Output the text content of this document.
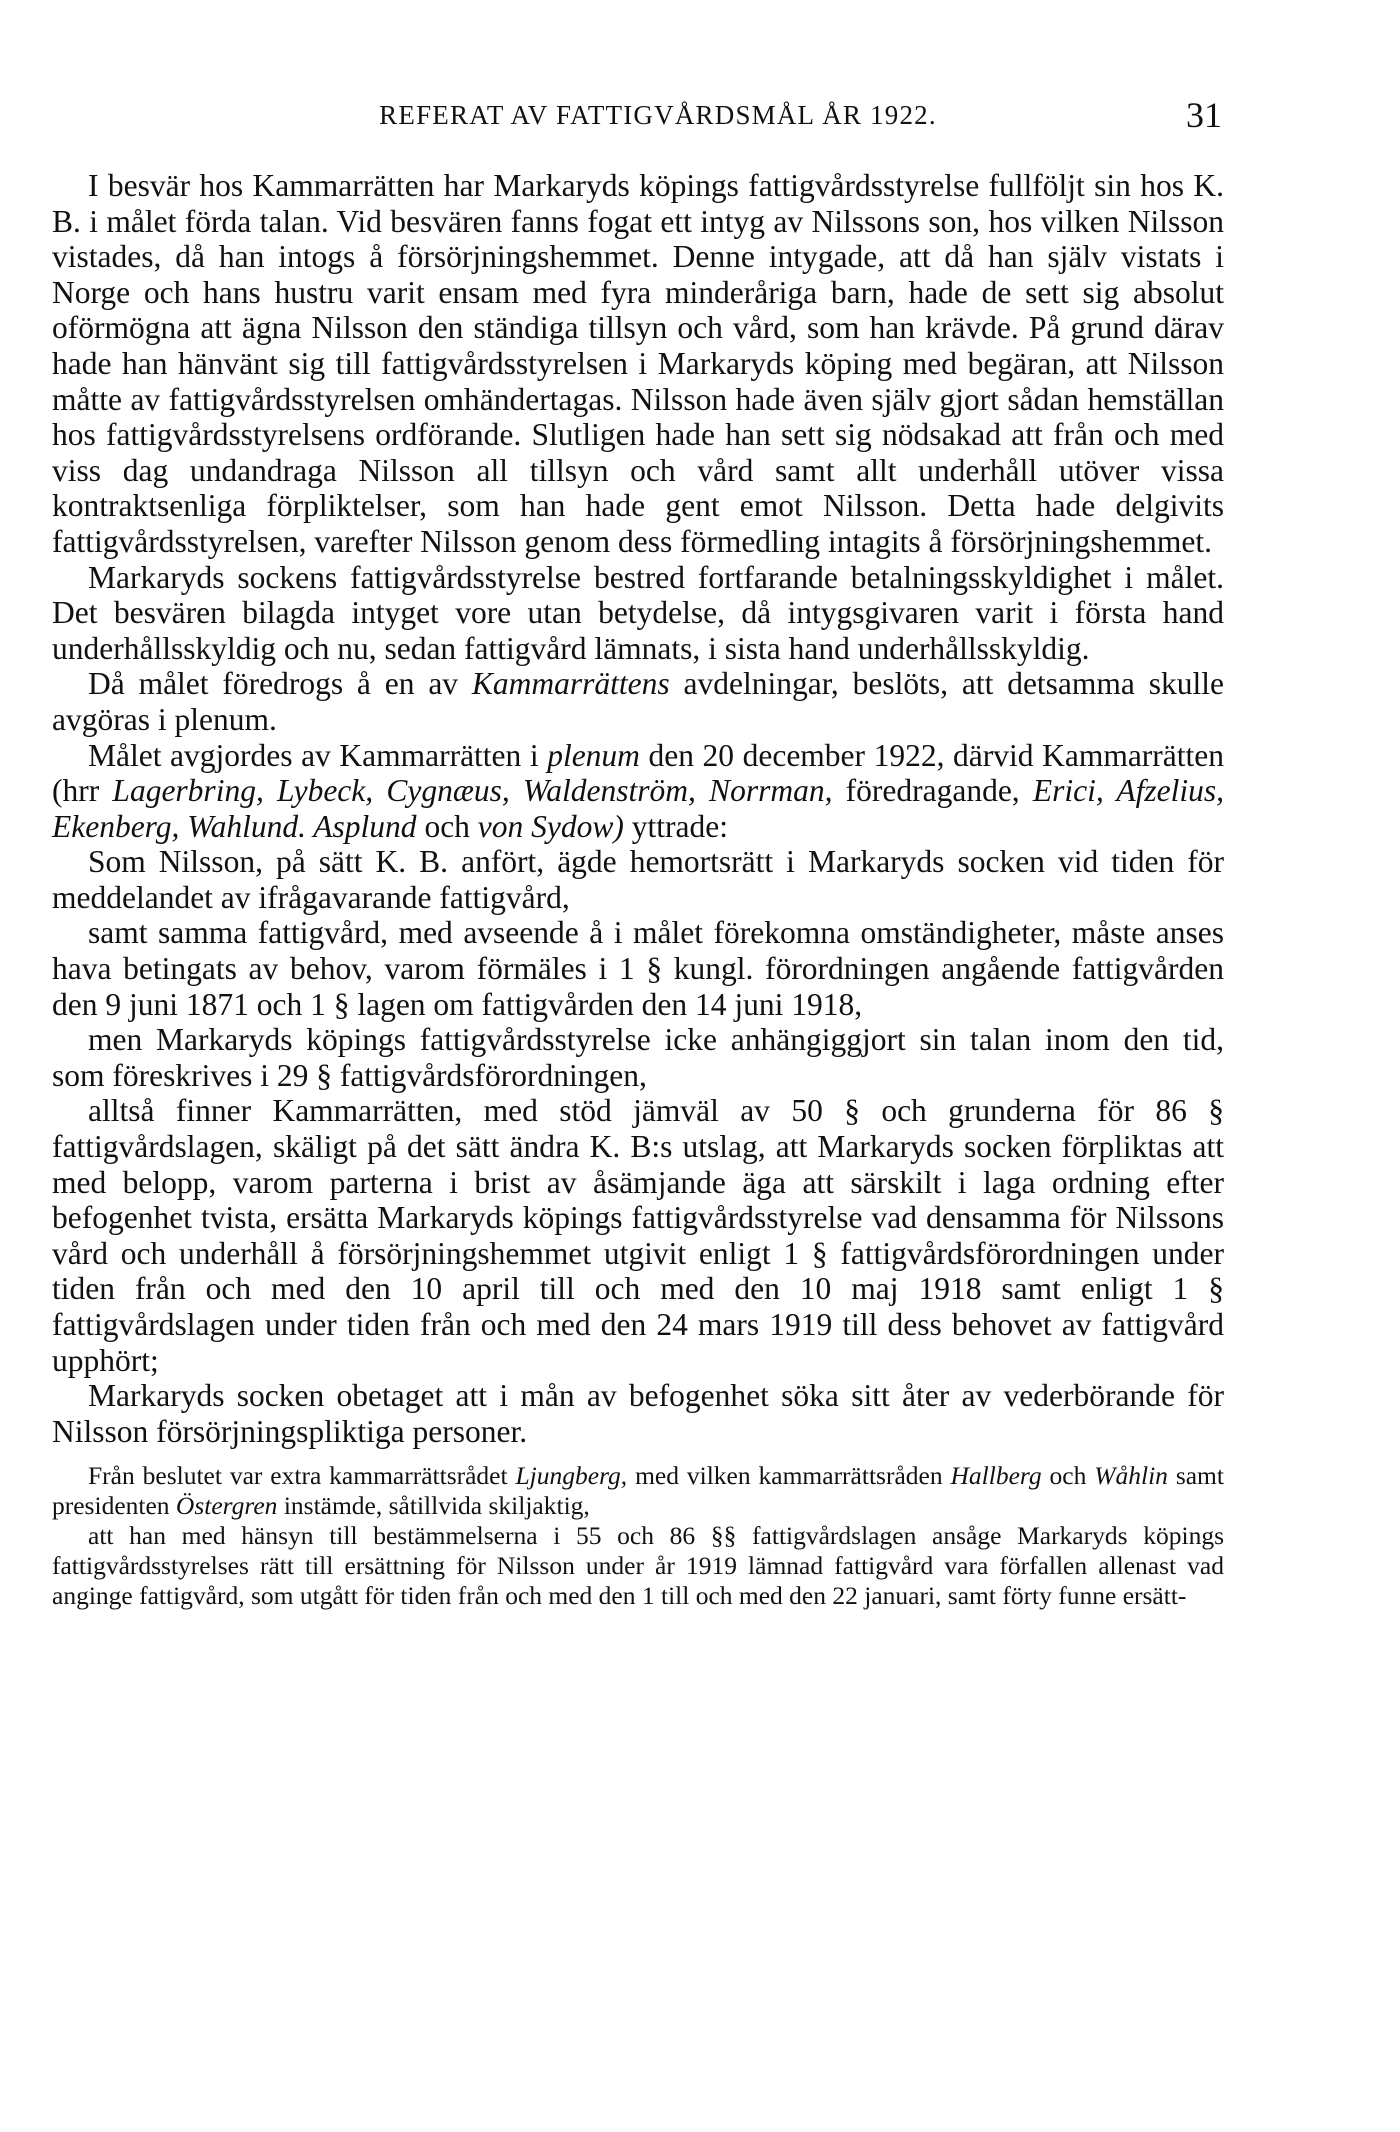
REFERAT AV FATTIGVÅRDSMÅL ÅR 1922.	31

I besvär hos Kammarrätten har Markaryds köpings fattigvårdsstyrelse fullföljt sin hos K. B. i målet förda talan. Vid besvären fanns fogat ett intyg av Nilssons son, hos vilken Nilsson vistades, då han intogs å försörjningshemmet. Denne intygade, att då han själv vistats i Norge och hans hustru varit ensam med fyra minderåriga barn, hade de sett sig absolut oförmögna att ägna Nilsson den ständiga tillsyn och vård, som han krävde. På grund därav hade han hänvänt sig till fattigvårdsstyrelsen i Markaryds köping med begäran, att Nilsson måtte av fattigvårdsstyrelsen omhändertagas. Nilsson hade även själv gjort sådan hemställan hos fattigvårdsstyrelsens ordförande. Slutligen hade han sett sig nödsakad att från och med viss dag undandraga Nilsson all tillsyn och vård samt allt underhåll utöver vissa kontraktsenliga förpliktelser, som han hade gent emot Nilsson. Detta hade delgivits fattigvårdsstyrelsen, varefter Nilsson genom dess förmedling intagits å försörjningshemmet.

Markaryds sockens fattigvårdsstyrelse bestred fortfarande betalningsskyldighet i målet. Det besvären bilagda intyget vore utan betydelse, då intygsgivaren varit i första hand underhållsskyldig och nu, sedan fattigvård lämnats, i sista hand underhållsskyldig.

Då målet föredrogs å en av Kammarrättens avdelningar, beslöts, att detsamma skulle avgöras i plenum.

Målet avgjordes av Kammarrätten i plenum den 20 december 1922, därvid Kammarrätten (hrr Lagerbring, Lybeck, Cygnæus, Waldenström, Norrman, föredragande, Erici, Afzelius, Ekenberg, Wahlund. Asplund och von Sydow) yttrade:

Som Nilsson, på sätt K. B. anfört, ägde hemortsrätt i Markaryds socken vid tiden för meddelandet av ifrågavarande fattigvård,

samt samma fattigvård, med avseende å i målet förekomna omständigheter, måste anses hava betingats av behov, varom förmäles i 1 § kungl. förordningen angående fattigvården den 9 juni 1871 och 1 § lagen om fattigvården den 14 juni 1918,

men Markaryds köpings fattigvårdsstyrelse icke anhängiggjort sin talan inom den tid, som föreskrives i 29 § fattigvårdsförordningen,

alltså finner Kammarrätten, med stöd jämväl av 50 § och grunderna för 86 § fattigvårdslagen, skäligt på det sätt ändra K. B:s utslag, att Markaryds socken förpliktas att med belopp, varom parterna i brist av åsämjande äga att särskilt i laga ordning efter befogenhet tvista, ersätta Markaryds köpings fattigvårdsstyrelse vad densamma för Nilssons vård och underhåll å försörjningshemmet utgivit enligt 1 § fattigvårdsförordningen under tiden från och med den 10 april till och med den 10 maj 1918 samt enligt 1 § fattigvårdslagen under tiden från och med den 24 mars 1919 till dess behovet av fattigvård upphört;

Markaryds socken obetaget att i mån av befogenhet söka sitt åter av vederbörande för Nilsson försörjningspliktiga personer.

Från beslutet var extra kammarrättsrådet Ljungberg, med vilken kammarrättsråden Hallberg och Wåhlin samt presidenten Östergren instämde, såtillvida skiljaktig,

att han med hänsyn till bestämmelserna i 55 och 86 §§ fattigvårdslagen ansåge Markaryds köpings fattigvårdsstyrelses rätt till ersättning för Nilsson under år 1919 lämnad fattigvård vara förfallen allenast vad anginge fattigvård, som utgått för tiden från och med den 1 till och med den 22 januari, samt förty funne ersätt-
